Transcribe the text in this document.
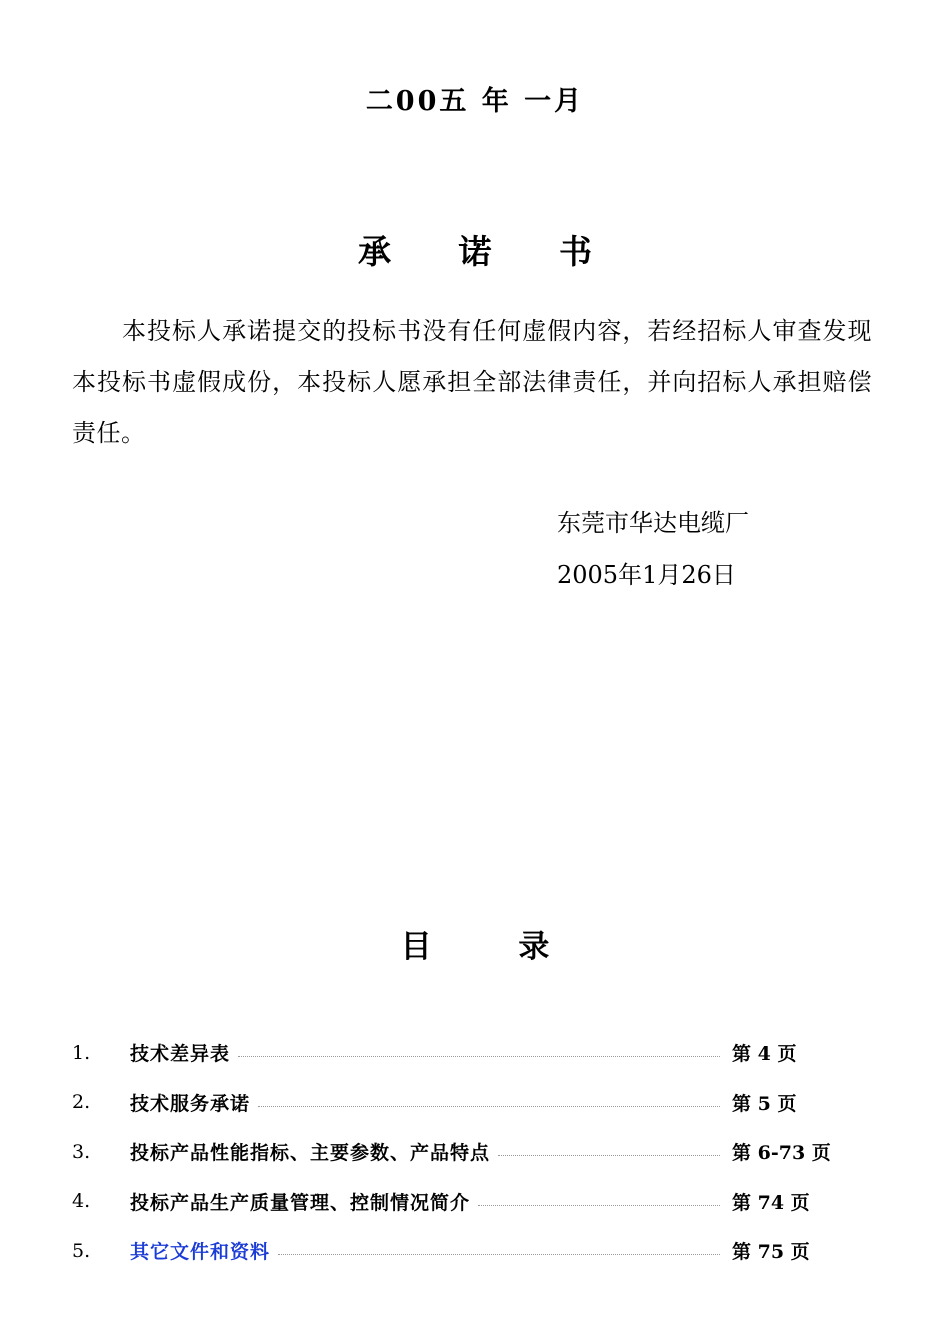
二00五 年 一月
承 诺 书
本投标人承诺提交的投标书没有任何虚假内容，若经招标人审查发现本投标书虚假成份，本投标人愿承担全部法律责任，并向招标人承担赔偿责任。
东莞市华达电缆厂
2005年1月26日
目 录
1.	技术差异表	第 4 页
2.	技术服务承诺	第 5 页
3.	投标产品性能指标、主要参数、产品特点	第 6-73 页
4.	投标产品生产质量管理、控制情况简介	第 74 页
5.	其它文件和资料	第 75 页
